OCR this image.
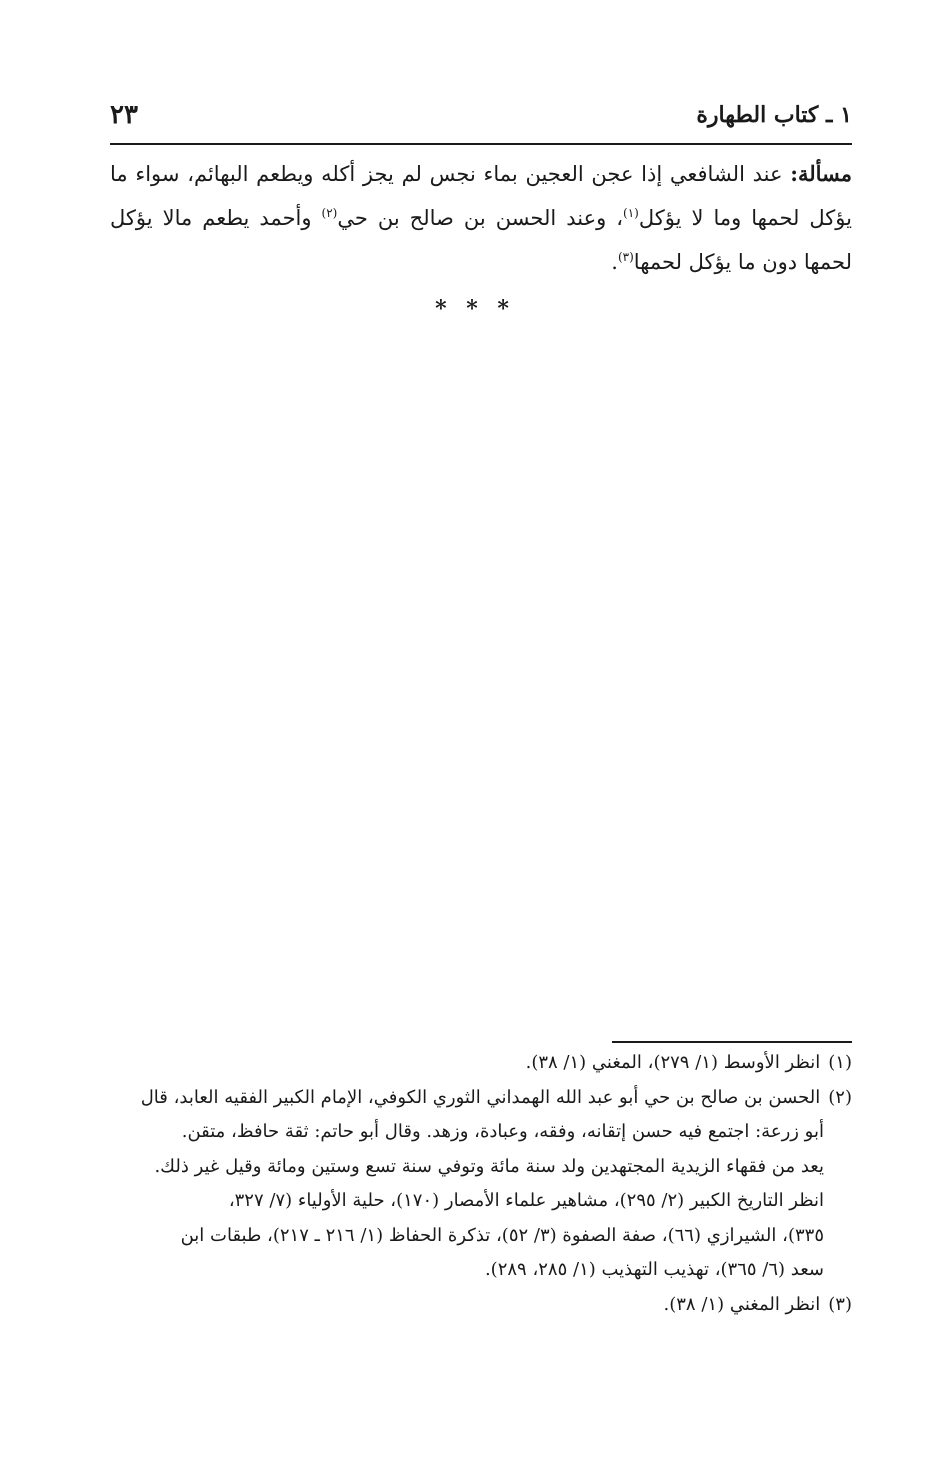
١ ـ كتاب الطهارة
٢٣
مسألة: عند الشافعي إذا عجن العجين بماء نجس لم يجز أكله ويطعم البهائم، سواء ما يؤكل لحمها وما لا يؤكل$^{(١)}$، وعند الحسن بن صالح بن حي$^{(٢)}$ وأحمد يطعم مالا يؤكل لحمها دون ما يؤكل لحمها$^{(٣)}$.
* * *
(١)انظر الأوسط (١/ ٢٧٩)، المغني (١/ ٣٨).
(٢)الحسن بن صالح بن حي أبو عبد الله الهمداني الثوري الكوفي، الإمام الكبير الفقيه العابد، قال
أبو زرعة: اجتمع فيه حسن إتقانه، وفقه، وعبادة، وزهد. وقال أبو حاتم: ثقة حافظ، متقن.
يعد من فقهاء الزيدية المجتهدين ولد سنة مائة وتوفي سنة تسع وستين ومائة وقيل غير ذلك.
انظر التاريخ الكبير (٢/ ٢٩٥)، مشاهير علماء الأمصار (١٧٠)، حلية الأولياء (٧/ ٣٢٧،
٣٣٥)، الشيرازي (٦٦)، صفة الصفوة (٣/ ٥٢)، تذكرة الحفاظ (١/ ٢١٦ ـ ٢١٧)، طبقات ابن
سعد (٦/ ٣٦٥)، تهذيب التهذيب (١/ ٢٨٥، ٢٨٩).
(٣)انظر المغني (١/ ٣٨).
